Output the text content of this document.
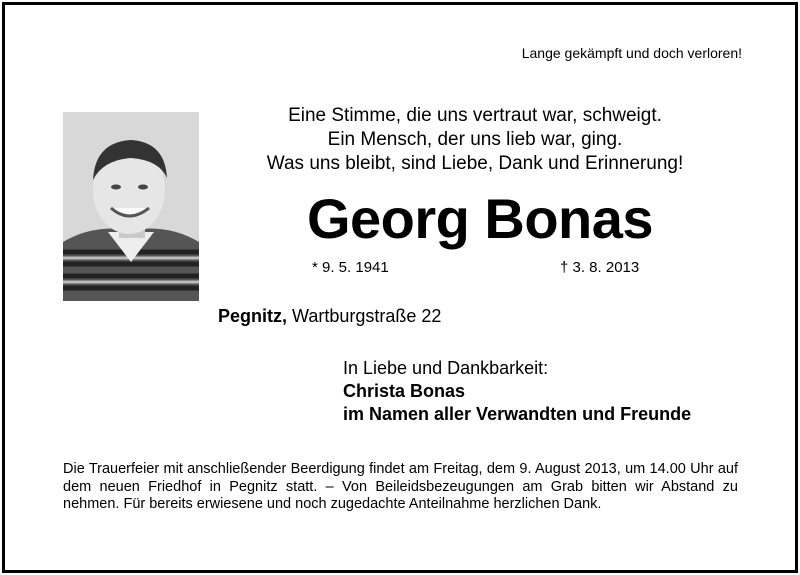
Lange gekämpft und doch verloren!
Eine Stimme, die uns vertraut war, schweigt.
Ein Mensch, der uns lieb war, ging.
Was uns bleibt, sind Liebe, Dank und Erinnerung!
Georg Bonas
* 9. 5. 1941	† 3. 8. 2013
Pegnitz, Wartburgstraße 22
In Liebe und Dankbarkeit:
Christa Bonas
im Namen aller Verwandten und Freunde
Die Trauerfeier mit anschließender Beerdigung findet am Freitag, dem 9. August 2013, um 14.00 Uhr auf dem neuen Friedhof in Pegnitz statt. – Von Beileidsbezeugungen am Grab bitten wir Abstand zu nehmen. Für bereits erwiesene und noch zugedachte Anteilnahme herzlichen Dank.
